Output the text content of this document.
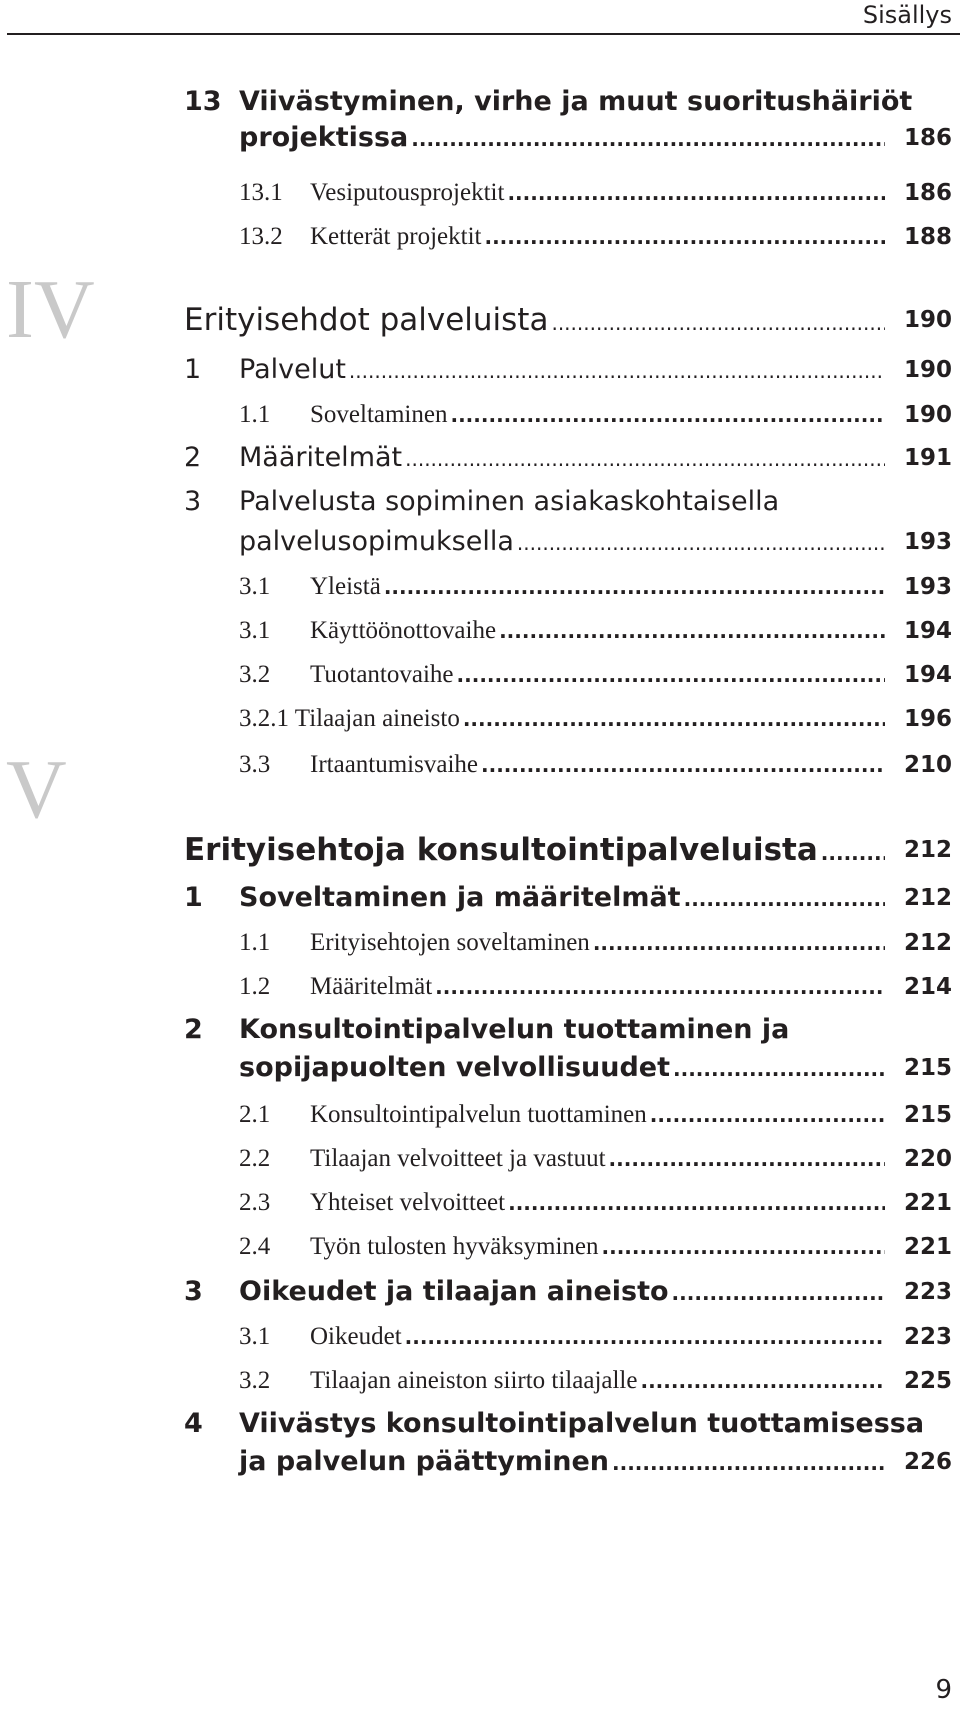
Sisällys
IV
V
13 Viivästyminen, virhe ja muut suoritushäiriöt
projektissa .....	186
13.1 Vesiputousprojektit .....	186
13.2 Ketterät projektit .....	188
Erityisehdot palveluista .....	190
1 Palvelut .....	190
1.1 Soveltaminen .....	190
2 Määritelmät .....	191
3 Palvelusta sopiminen asiakaskohtaisella
palvelusopimuksella .....	193
3.1 Yleistä .....	193
3.1 Käyttöönottovaihe .....	194
3.2 Tuotantovaihe .....	194
3.2.1 Tilaajan aineisto .....	196
3.3 Irtaantumisvaihe .....	210
Erityisehtoja konsultointipalveluista .....	212
1 Soveltaminen ja määritelmät .....	212
1.1 Erityisehtojen soveltaminen .....	212
1.2 Määritelmät .....	214
2 Konsultointipalvelun tuottaminen ja
sopijapuolten velvollisuudet .....	215
2.1 Konsultointipalvelun tuottaminen .....	215
2.2 Tilaajan velvoitteet ja vastuut .....	220
2.3 Yhteiset velvoitteet .....	221
2.4 Työn tulosten hyväksyminen .....	221
3 Oikeudet ja tilaajan aineisto .....	223
3.1 Oikeudet .....	223
3.2 Tilaajan aineiston siirto tilaajalle .....	225
4 Viivästys konsultointipalvelun tuottamisessa
ja palvelun päättyminen .....	226
9
